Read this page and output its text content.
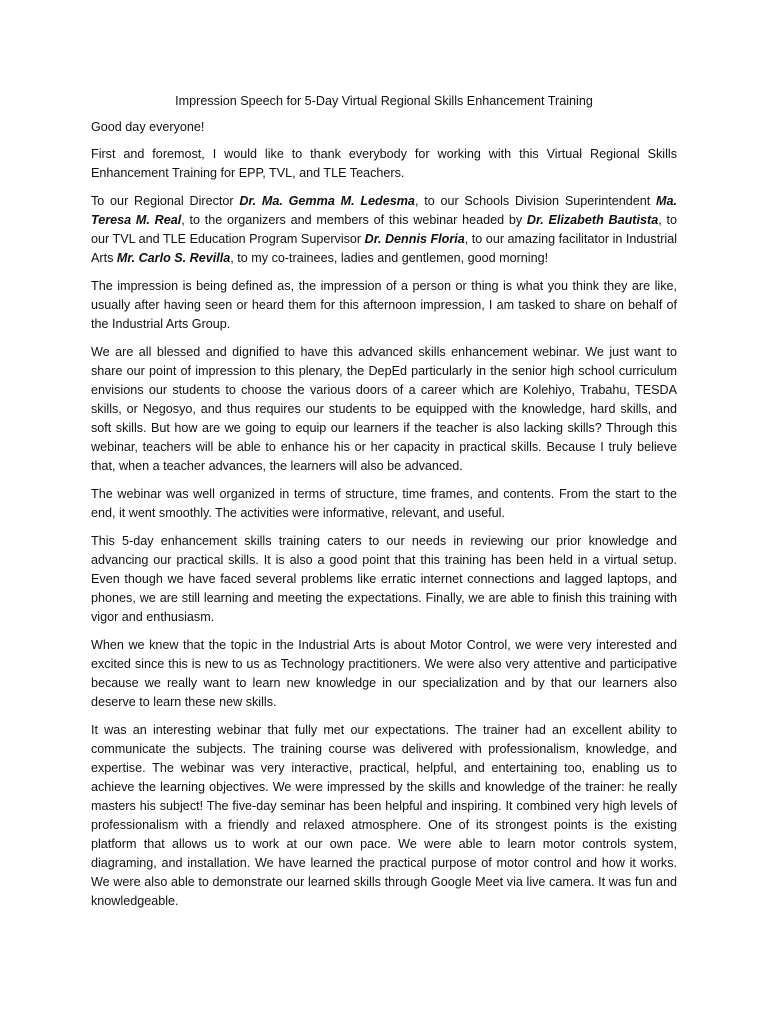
Impression Speech for 5-Day Virtual Regional Skills Enhancement Training
Good day everyone!

First and foremost, I would like to thank everybody for working with this Virtual Regional Skills Enhancement Training for EPP, TVL, and TLE Teachers.

To our Regional Director Dr. Ma. Gemma M. Ledesma, to our Schools Division Superintendent Ma. Teresa M. Real, to the organizers and members of this webinar headed by Dr. Elizabeth Bautista, to our TVL and TLE Education Program Supervisor Dr. Dennis Floria, to our amazing facilitator in Industrial Arts Mr. Carlo S. Revilla, to my co-trainees, ladies and gentlemen, good morning!

The impression is being defined as, the impression of a person or thing is what you think they are like, usually after having seen or heard them for this afternoon impression, I am tasked to share on behalf of the Industrial Arts Group.

We are all blessed and dignified to have this advanced skills enhancement webinar. We just want to share our point of impression to this plenary, the DepEd particularly in the senior high school curriculum envisions our students to choose the various doors of a career which are Kolehiyo, Trabahu, TESDA skills, or Negosyo, and thus requires our students to be equipped with the knowledge, hard skills, and soft skills. But how are we going to equip our learners if the teacher is also lacking skills? Through this webinar, teachers will be able to enhance his or her capacity in practical skills. Because I truly believe that, when a teacher advances, the learners will also be advanced.

The webinar was well organized in terms of structure, time frames, and contents. From the start to the end, it went smoothly. The activities were informative, relevant, and useful.

This 5-day enhancement skills training caters to our needs in reviewing our prior knowledge and advancing our practical skills. It is also a good point that this training has been held in a virtual setup. Even though we have faced several problems like erratic internet connections and lagged laptops, and phones, we are still learning and meeting the expectations. Finally, we are able to finish this training with vigor and enthusiasm.

When we knew that the topic in the Industrial Arts is about Motor Control, we were very interested and excited since this is new to us as Technology practitioners. We were also very attentive and participative because we really want to learn new knowledge in our specialization and by that our learners also deserve to learn these new skills.

It was an interesting webinar that fully met our expectations. The trainer had an excellent ability to communicate the subjects. The training course was delivered with professionalism, knowledge, and expertise. The webinar was very interactive, practical, helpful, and entertaining too, enabling us to achieve the learning objectives. We were impressed by the skills and knowledge of the trainer: he really masters his subject! The five-day seminar has been helpful and inspiring. It combined very high levels of professionalism with a friendly and relaxed atmosphere. One of its strongest points is the existing platform that allows us to work at our own pace. We were able to learn motor controls system, diagraming, and installation. We have learned the practical purpose of motor control and how it works. We were also able to demonstrate our learned skills through Google Meet via live camera. It was fun and knowledgeable.
